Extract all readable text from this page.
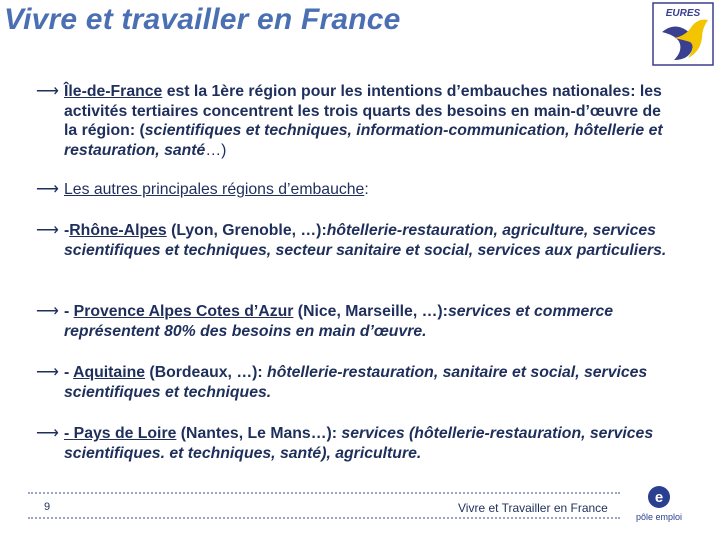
Vivre et travailler en France	EURES
⟶ Île-de-France est la 1ère région pour les intentions d’embauches nationales: les activités tertiaires concentrent les trois quarts des besoins en main-d’œuvre de la région: (scientifiques et techniques, information-communication, hôtellerie et restauration, santé…)
⟶ Les autres principales régions d’embauche:
⟶ -Rhône-Alpes (Lyon, Grenoble, …):hôtellerie-restauration, agriculture, services scientifiques et techniques, secteur sanitaire et social, services aux particuliers.
⟶ - Provence Alpes Cotes d’Azur (Nice, Marseille, …):services et commerce représentent 80% des besoins en main d’œuvre.
⟶ - Aquitaine (Bordeaux, …): hôtellerie-restauration, sanitaire et social, services scientifiques et techniques.
⟶ - Pays de Loire (Nantes, Le Mans…): services (hôtellerie-restauration, services scientifiques. et techniques, santé), agriculture.
9	Vivre et Travailler en France
e
pôle emploi
